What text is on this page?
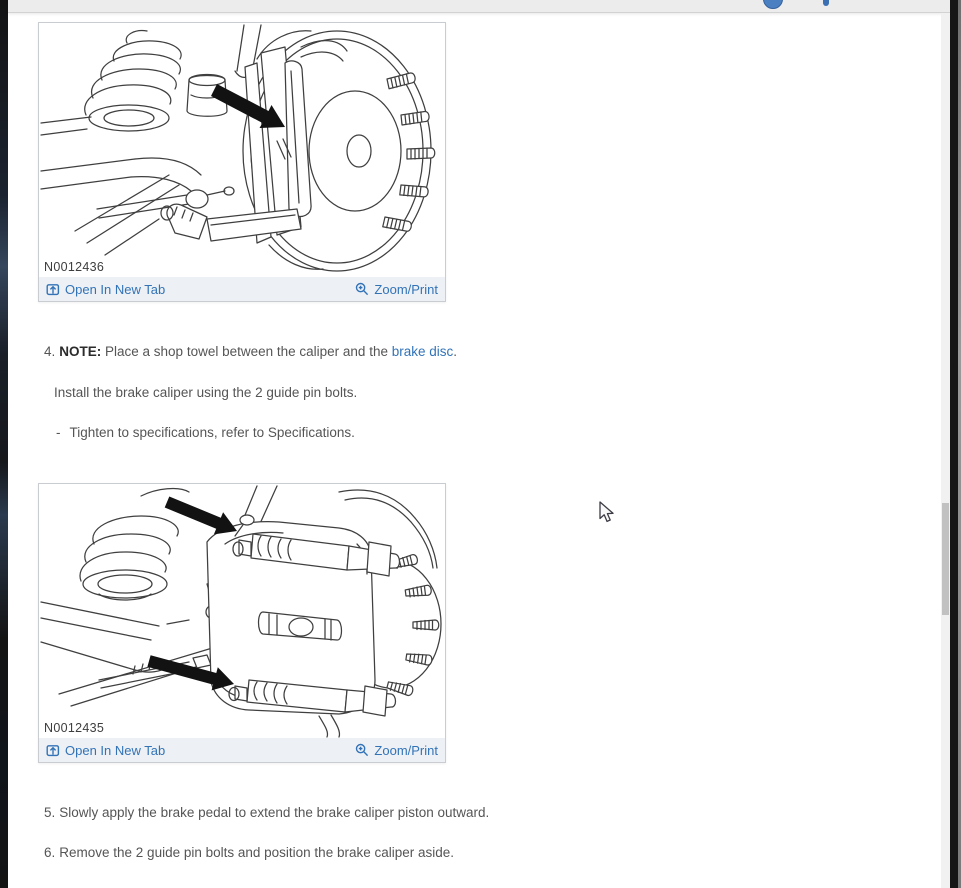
N0012436
Open In New Tab	Zoom/Print
4. NOTE: Place a shop towel between the caliper and the brake disc.
Install the brake caliper using the 2 guide pin bolts.
- Tighten to specifications, refer to Specifications.
N0012435
Open In New Tab	Zoom/Print
5. Slowly apply the brake pedal to extend the brake caliper piston outward.
6. Remove the 2 guide pin bolts and position the brake caliper aside.
